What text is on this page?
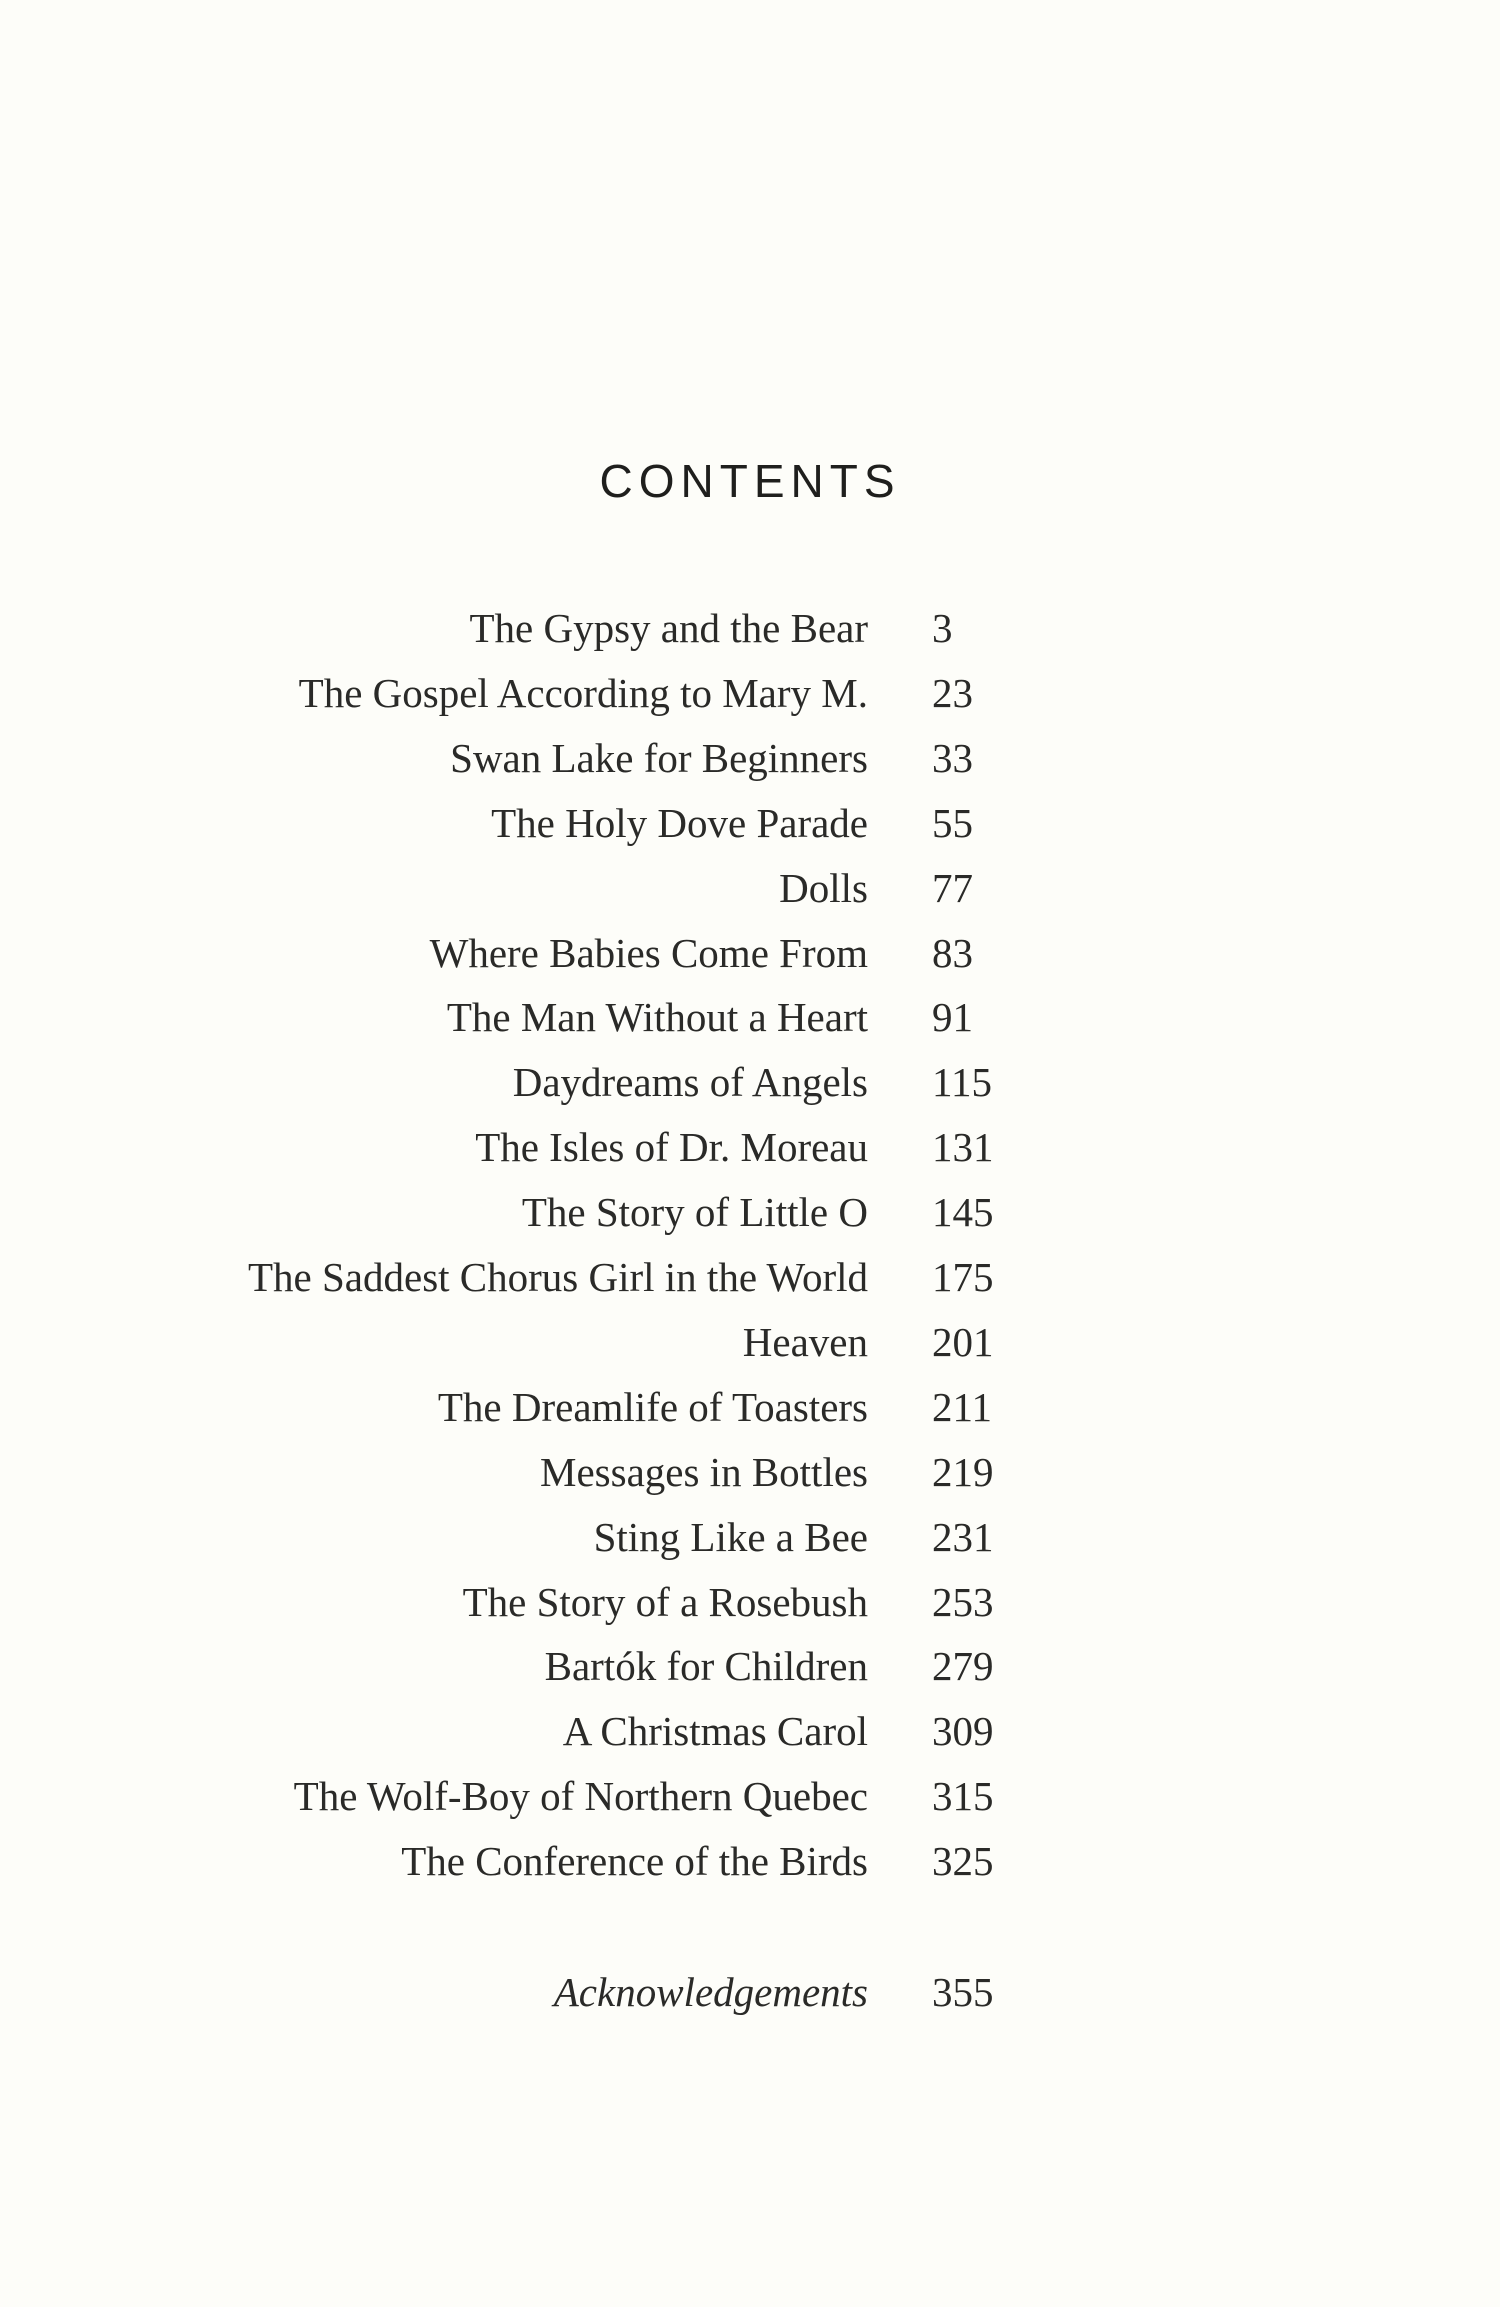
CONTENTS
The Gypsy and the Bear 3
The Gospel According to Mary M. 23
Swan Lake for Beginners 33
The Holy Dove Parade 55
Dolls 77
Where Babies Come From 83
The Man Without a Heart 91
Daydreams of Angels 115
The Isles of Dr. Moreau 131
The Story of Little O 145
The Saddest Chorus Girl in the World 175
Heaven 201
The Dreamlife of Toasters 211
Messages in Bottles 219
Sting Like a Bee 231
The Story of a Rosebush 253
Bartók for Children 279
A Christmas Carol 309
The Wolf-Boy of Northern Quebec 315
The Conference of the Birds 325
Acknowledgements 355
